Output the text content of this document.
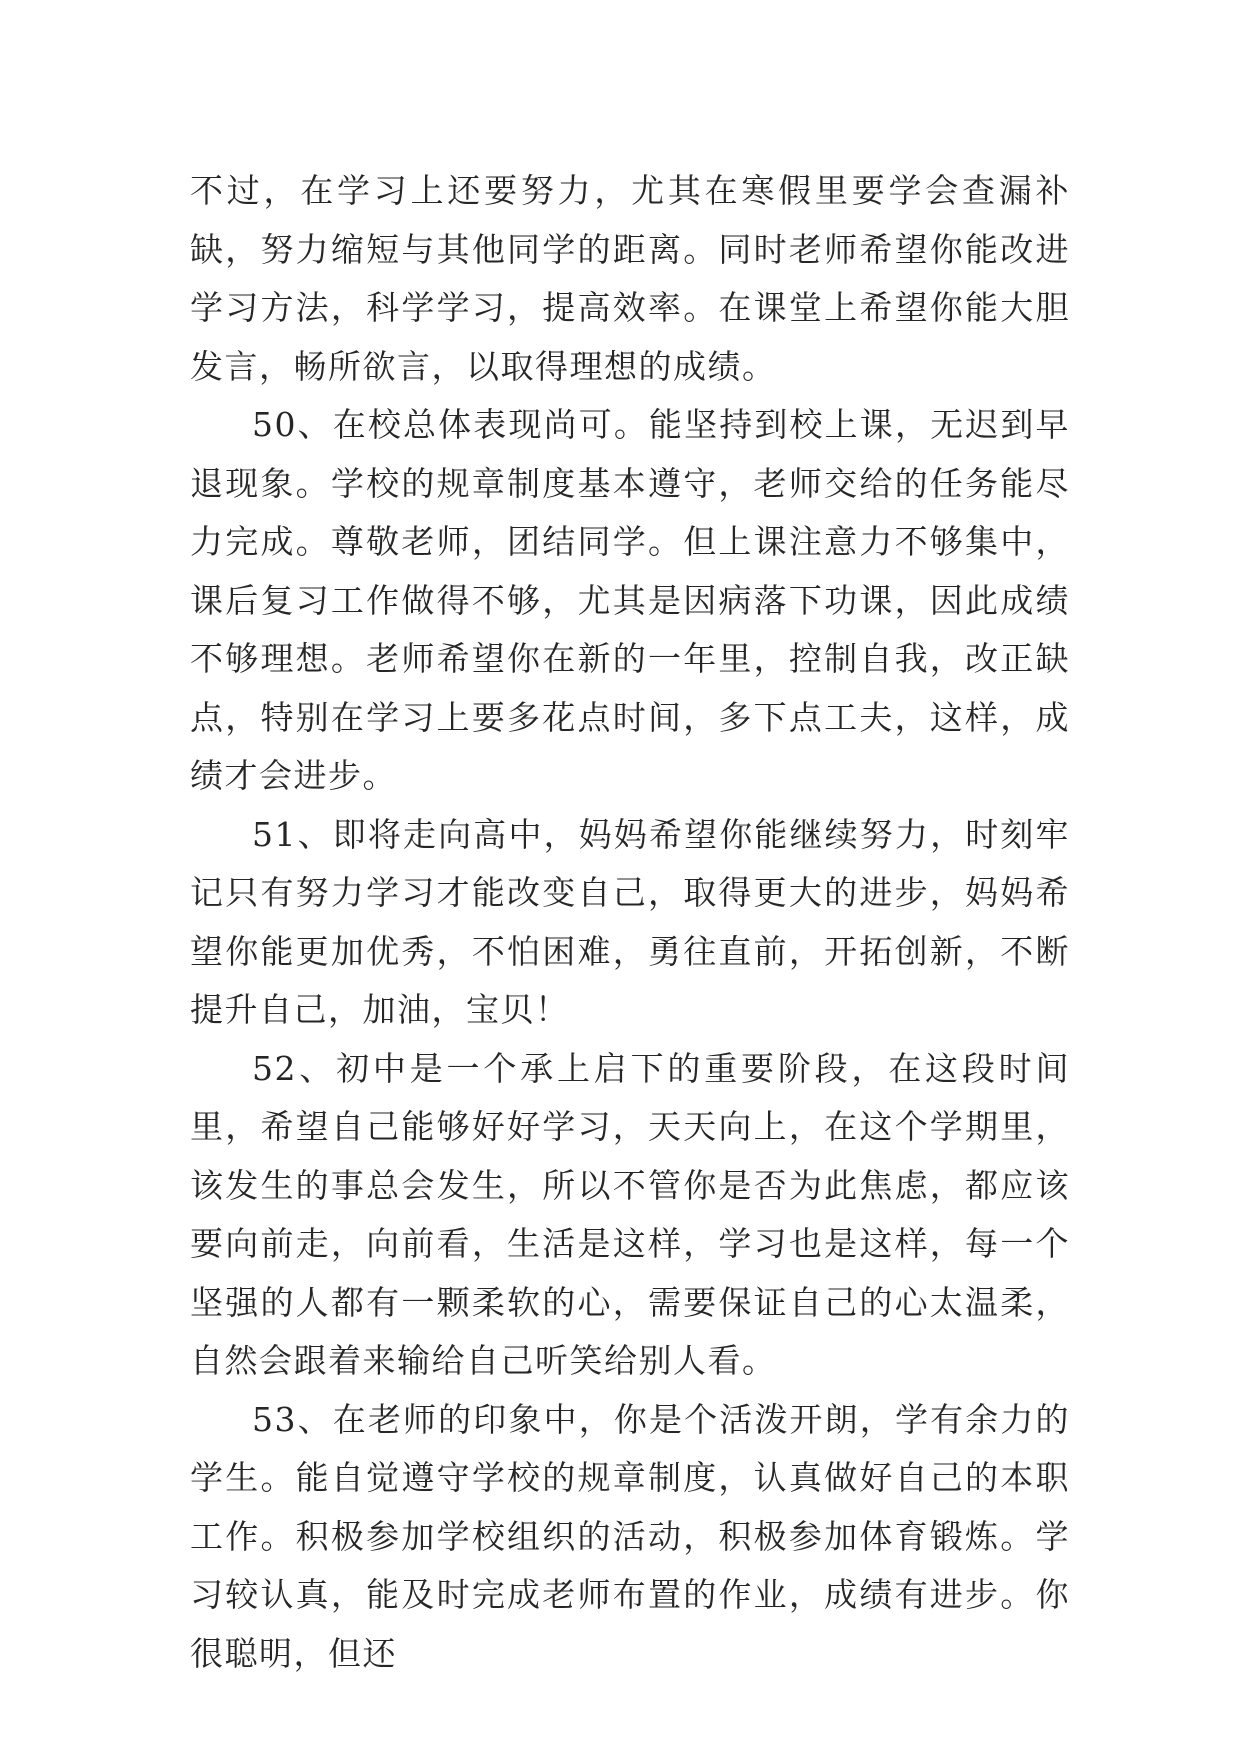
不过，在学习上还要努力，尤其在寒假里要学会查漏补缺，努力缩短与其他同学的距离。同时老师希望你能改进学习方法，科学学习，提高效率。在课堂上希望你能大胆发言，畅所欲言，以取得理想的成绩。

50、在校总体表现尚可。能坚持到校上课，无迟到早退现象。学校的规章制度基本遵守，老师交给的任务能尽力完成。尊敬老师，团结同学。但上课注意力不够集中，课后复习工作做得不够，尤其是因病落下功课，因此成绩不够理想。老师希望你在新的一年里，控制自我，改正缺点，特别在学习上要多花点时间，多下点工夫，这样，成绩才会进步。

51、即将走向高中，妈妈希望你能继续努力，时刻牢记只有努力学习才能改变自己，取得更大的进步，妈妈希望你能更加优秀，不怕困难，勇往直前，开拓创新，不断提升自己，加油，宝贝！

52、初中是一个承上启下的重要阶段，在这段时间里，希望自己能够好好学习，天天向上，在这个学期里，该发生的事总会发生，所以不管你是否为此焦虑，都应该要向前走，向前看，生活是这样，学习也是这样，每一个坚强的人都有一颗柔软的心，需要保证自己的心太温柔，自然会跟着来输给自己听笑给别人看。

53、在老师的印象中，你是个活泼开朗，学有余力的学生。能自觉遵守学校的规章制度，认真做好自己的本职工作。积极参加学校组织的活动，积极参加体育锻炼。学习较认真，能及时完成老师布置的作业，成绩有进步。你很聪明，但还
